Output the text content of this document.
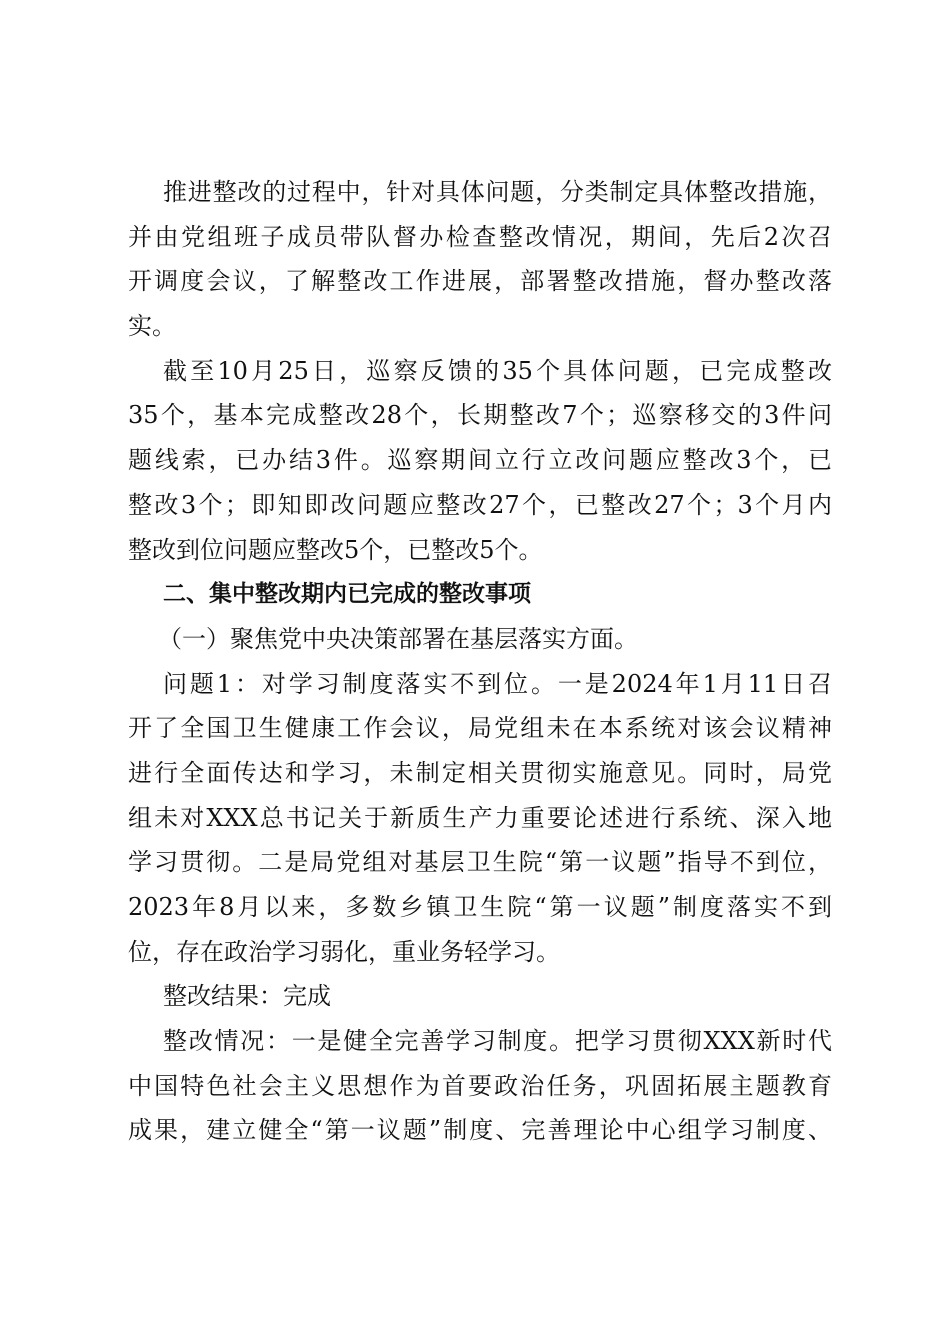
推进整改的过程中，针对具体问题，分类制定具体整改措施，
并由党组班子成员带队督办检查整改情况，期间，先后2次召
开调度会议，了解整改工作进展，部署整改措施，督办整改落
实。
截至10月25日，巡察反馈的35个具体问题，已完成整改
35个，基本完成整改28个，长期整改7个；巡察移交的3件问
题线索，已办结3件。巡察期间立行立改问题应整改3个，已
整改3个；即知即改问题应整改27个，已整改27个；3个月内
整改到位问题应整改5个，已整改5个。
二、集中整改期内已完成的整改事项
（一）聚焦党中央决策部署在基层落实方面。
问题1：对学习制度落实不到位。一是2024年1月11日召
开了全国卫生健康工作会议，局党组未在本系统对该会议精神
进行全面传达和学习，未制定相关贯彻实施意见。同时，局党
组未对XXX总书记关于新质生产力重要论述进行系统、深入地
学习贯彻。二是局党组对基层卫生院“第一议题”指导不到位，
2023年8月以来，多数乡镇卫生院“第一议题”制度落实不到
位，存在政治学习弱化，重业务轻学习。
整改结果：完成
整改情况：一是健全完善学习制度。把学习贯彻XXX新时代
中国特色社会主义思想作为首要政治任务，巩固拓展主题教育
成果，建立健全“第一议题”制度、完善理论中心组学习制度、
